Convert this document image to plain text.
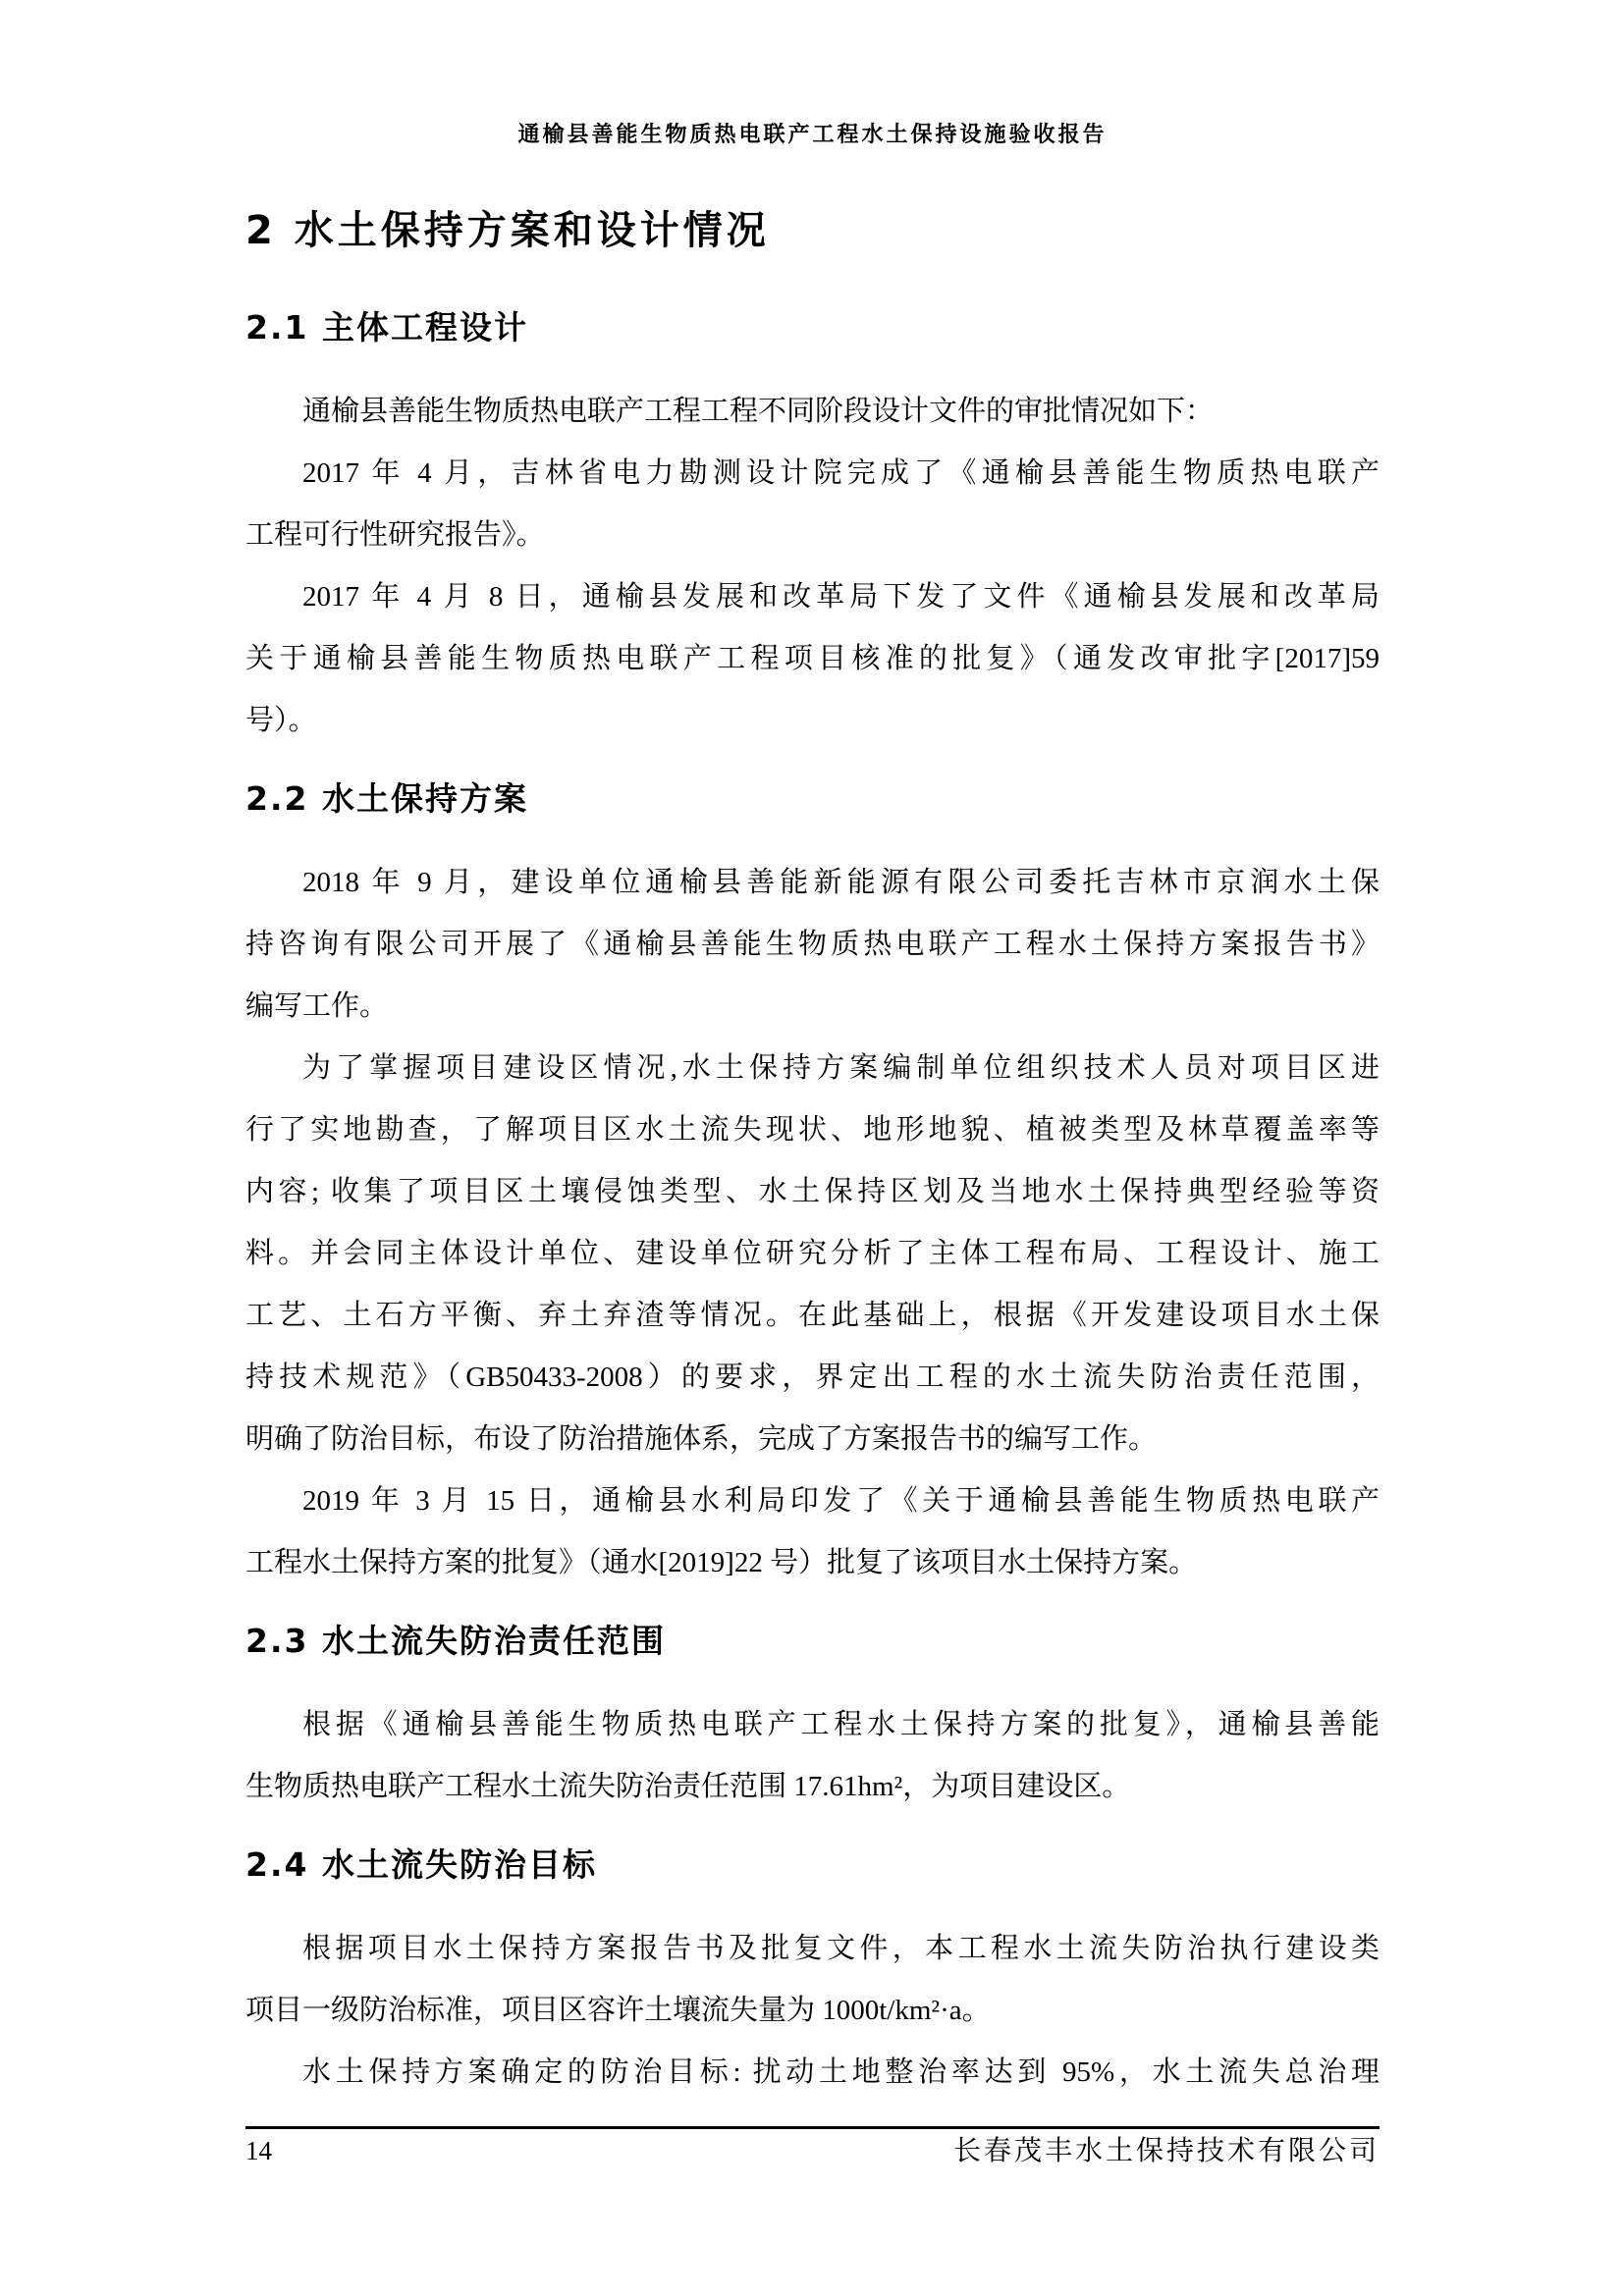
通榆县善能生物质热电联产工程水土保持设施验收报告
2 水土保持方案和设计情况
2.1 主体工程设计
通榆县善能生物质热电联产工程工程不同阶段设计文件的审批情况如下：
2017 年 4 月，吉林省电力勘测设计院完成了《通榆县善能生物质热电联产
工程可行性研究报告》。
2017 年 4 月 8 日，通榆县发展和改革局下发了文件《通榆县发展和改革局
关于通榆县善能生物质热电联产工程项目核准的批复》（通发改审批字[2017]59
号）。
2.2 水土保持方案
2018 年 9 月，建设单位通榆县善能新能源有限公司委托吉林市京润水土保
持咨询有限公司开展了《通榆县善能生物质热电联产工程水土保持方案报告书》
编写工作。
为了掌握项目建设区情况,水土保持方案编制单位组织技术人员对项目区进
行了实地勘查，了解项目区水土流失现状、地形地貌、植被类型及林草覆盖率等
内容; 收集了项目区土壤侵蚀类型、水土保持区划及当地水土保持典型经验等资
料。并会同主体设计单位、建设单位研究分析了主体工程布局、工程设计、施工
工艺、土石方平衡、弃土弃渣等情况。在此基础上，根据《开发建设项目水土保
持技术规范》（GB50433-2008）的要求，界定出工程的水土流失防治责任范围，
明确了防治目标，布设了防治措施体系，完成了方案报告书的编写工作。
2019 年 3 月 15 日，通榆县水利局印发了《关于通榆县善能生物质热电联产
工程水土保持方案的批复》（通水[2019]22 号）批复了该项目水土保持方案。
2.3 水土流失防治责任范围
根据《通榆县善能生物质热电联产工程水土保持方案的批复》，通榆县善能
生物质热电联产工程水土流失防治责任范围 17.61hm²，为项目建设区。
2.4 水土流失防治目标
根据项目水土保持方案报告书及批复文件，本工程水土流失防治执行建设类
项目一级防治标准，项目区容许土壤流失量为 1000t/km²·a。
水土保持方案确定的防治目标: 扰动土地整治率达到 95%，水土流失总治理
14	长春茂丰水土保持技术有限公司
